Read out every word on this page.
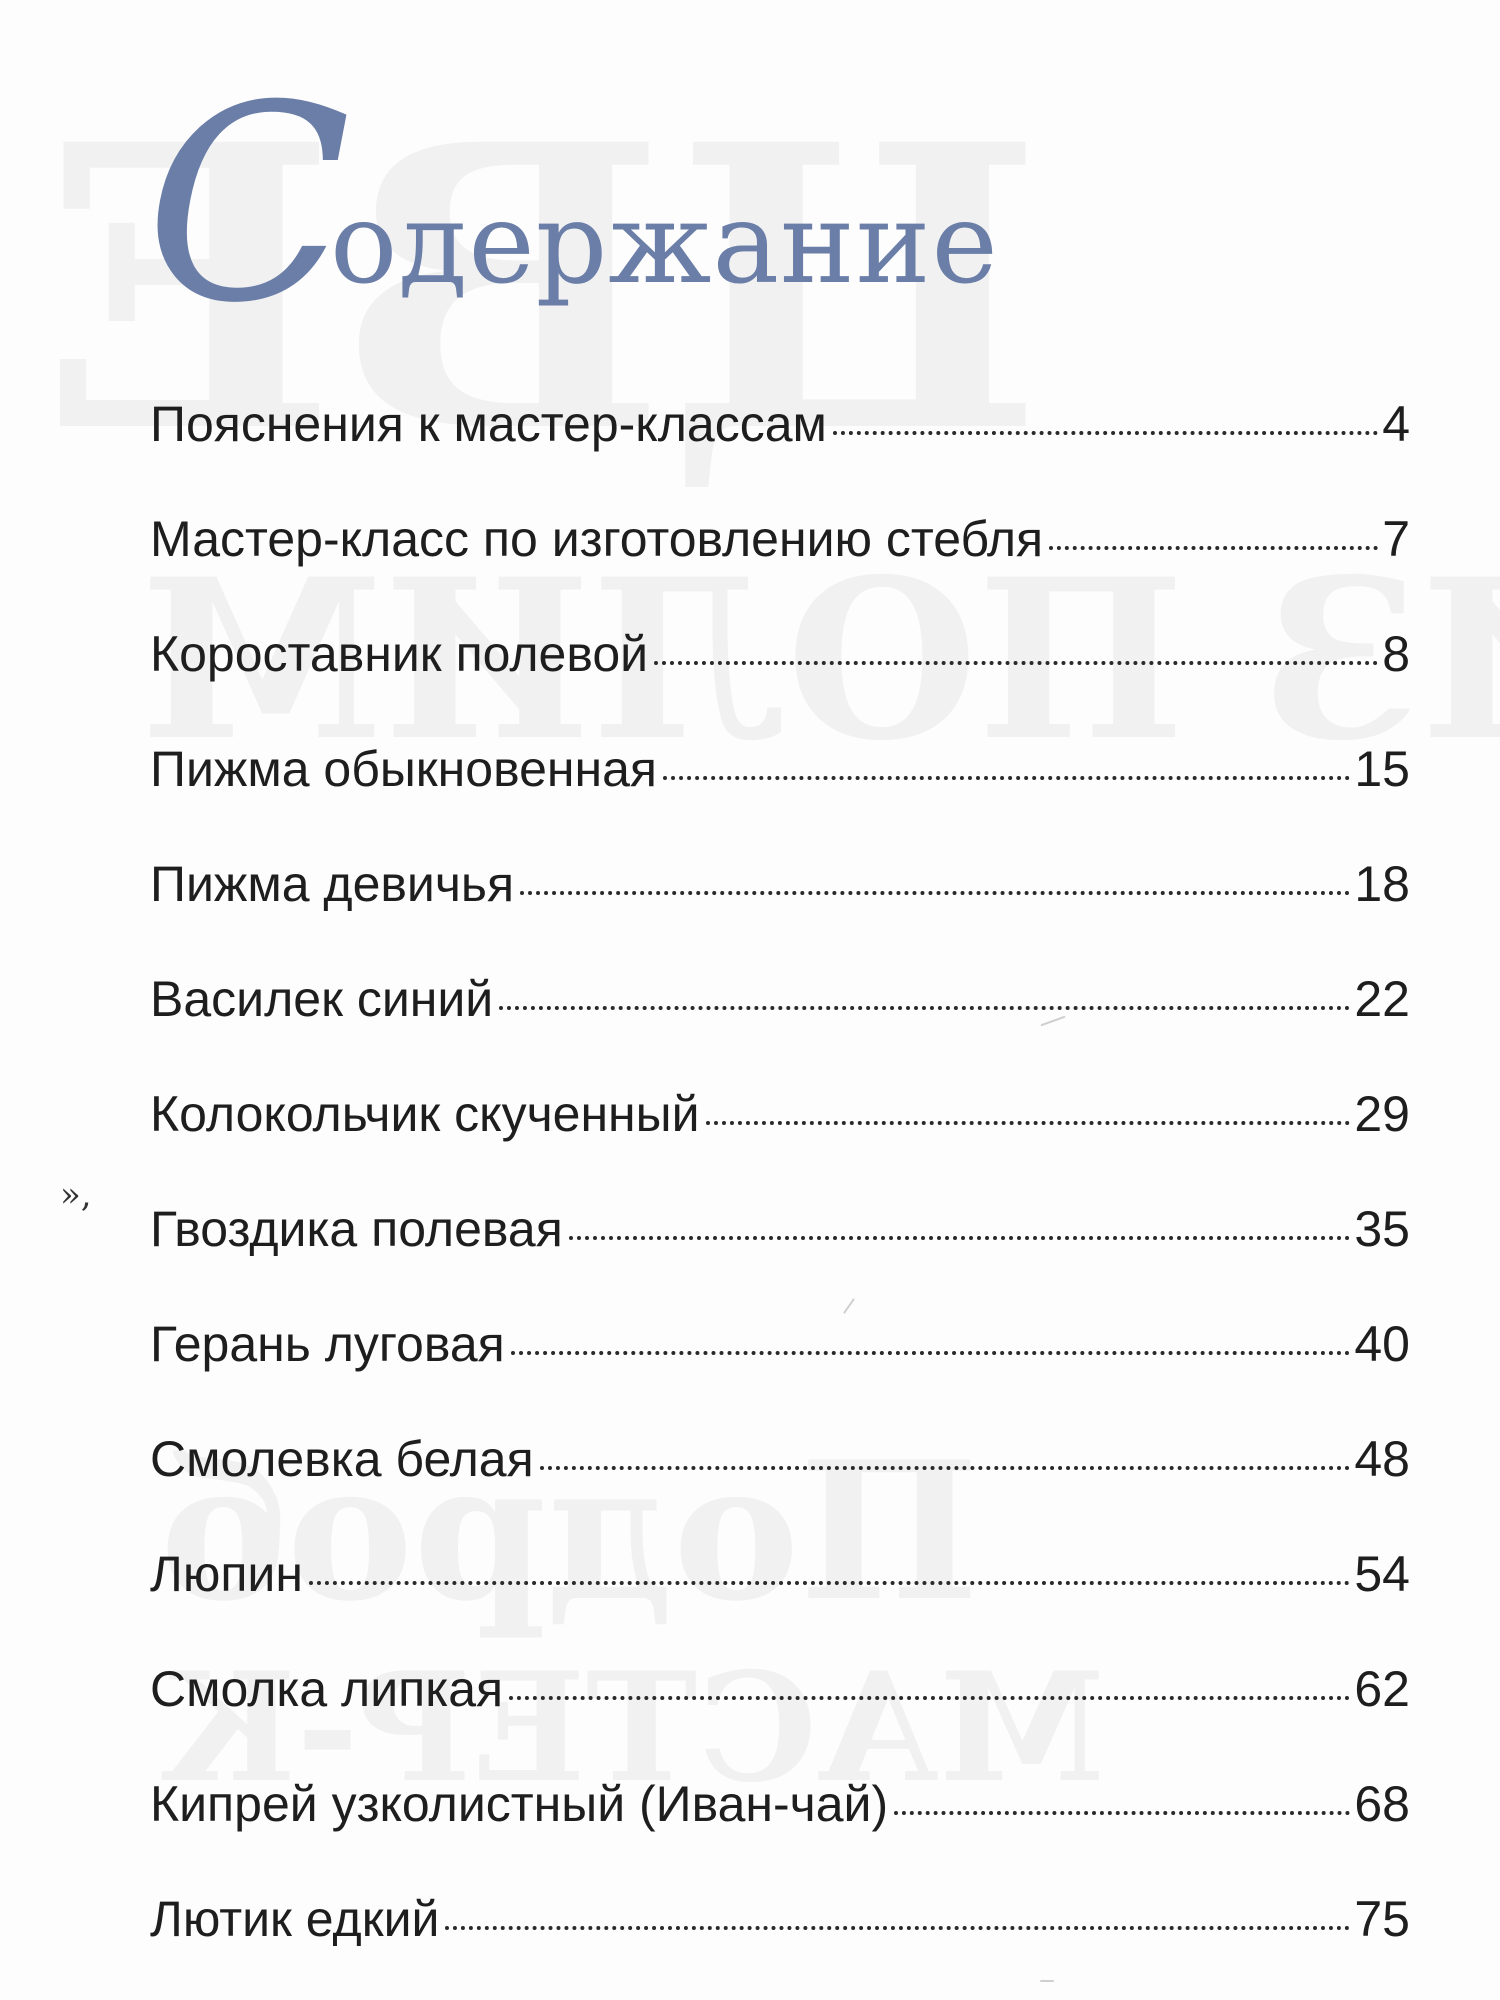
С
одержание
»,
Пояснения к мастер-классам	4
Мастер-класс по изготовлению стебля	7
Короставник полевой	8
Пижма обыкновенная	15
Пижма девичья	18
Василек синий	22
Колокольчик скученный	29
Гвоздика полевая	35
Герань луговая	40
Смолевка белая	48
Люпин	54
Смолка липкая	62
Кипрей узколистный (Иван-чай)	68
Лютик едкий	75
